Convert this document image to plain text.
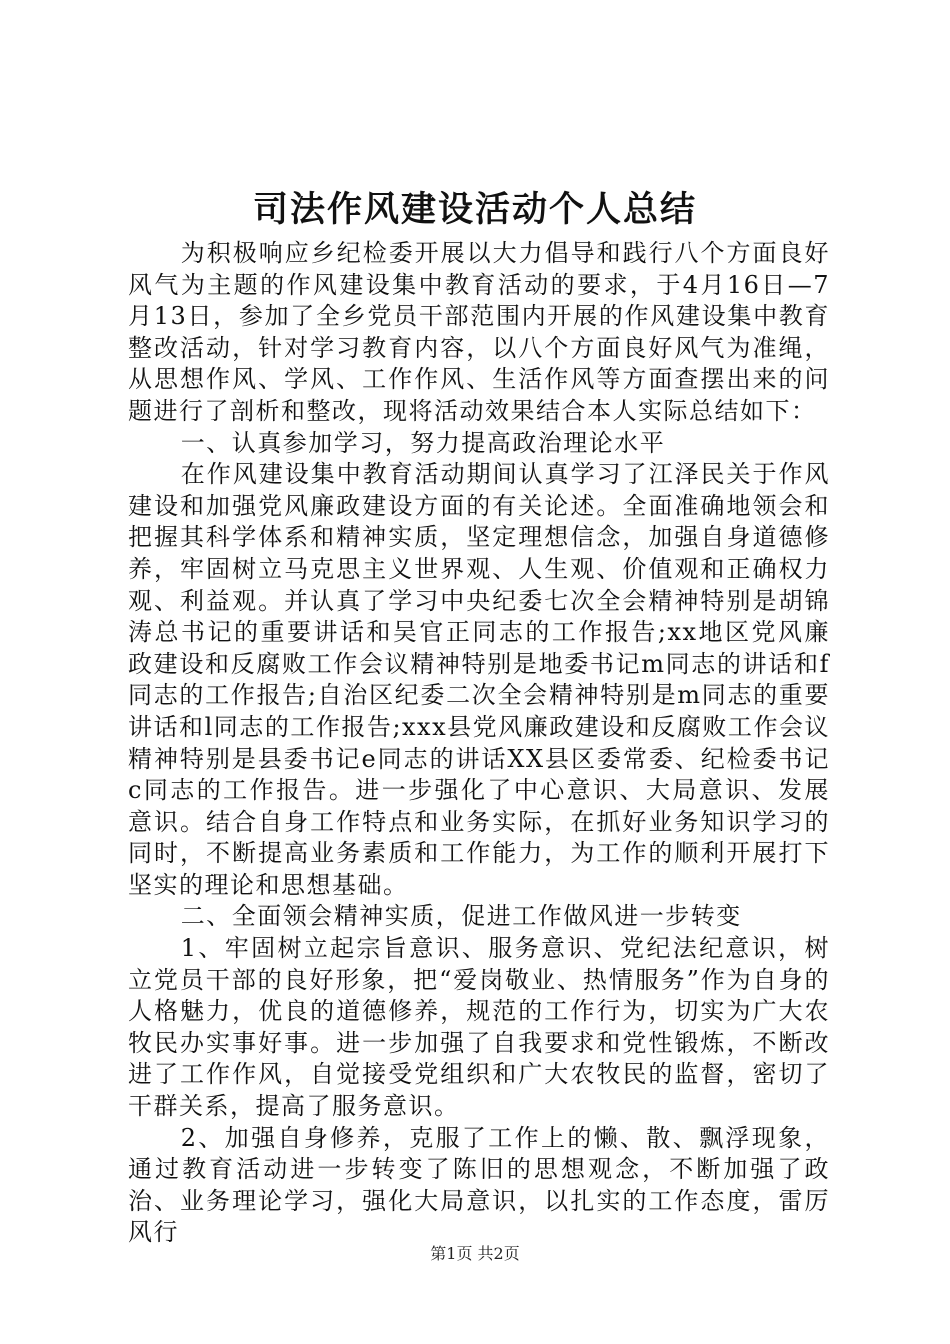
司法作风建设活动个人总结

为积极响应乡纪检委开展以大力倡导和践行八个方面良好风气为主题的作风建设集中教育活动的要求，于4月16日—7月13日，参加了全乡党员干部范围内开展的作风建设集中教育整改活动，针对学习教育内容，以八个方面良好风气为准绳，从思想作风、学风、工作作风、生活作风等方面查摆出来的问题进行了剖析和整改，现将活动效果结合本人实际总结如下：

一、认真参加学习，努力提高政治理论水平

在作风建设集中教育活动期间认真学习了江泽民关于作风建设和加强党风廉政建设方面的有关论述。全面准确地领会和把握其科学体系和精神实质，坚定理想信念，加强自身道德修养，牢固树立马克思主义世界观、人生观、价值观和正确权力观、利益观。并认真了学习中央纪委七次全会精神特别是胡锦涛总书记的重要讲话和吴官正同志的工作报告;xx地区党风廉政建设和反腐败工作会议精神特别是地委书记m同志的讲话和f同志的工作报告;自治区纪委二次全会精神特别是m同志的重要讲话和l同志的工作报告;xxx县党风廉政建设和反腐败工作会议精神特别是县委书记e同志的讲话XX县区委常委、纪检委书记c同志的工作报告。进一步强化了中心意识、大局意识、发展意识。结合自身工作特点和业务实际，在抓好业务知识学习的同时，不断提高业务素质和工作能力，为工作的顺利开展打下坚实的理论和思想基础。

二、全面领会精神实质，促进工作做风进一步转变

1、牢固树立起宗旨意识、服务意识、党纪法纪意识，树立党员干部的良好形象，把“爱岗敬业、热情服务”作为自身的人格魅力，优良的道德修养，规范的工作行为，切实为广大农牧民办实事好事。进一步加强了自我要求和党性锻炼，不断改进了工作作风，自觉接受党组织和广大农牧民的监督，密切了干群关系，提高了服务意识。

2、加强自身修养，克服了工作上的懒、散、飘浮现象，通过教育活动进一步转变了陈旧的思想观念，不断加强了政治、业务理论学习，强化大局意识，以扎实的工作态度，雷厉风行

第1页 共2页
